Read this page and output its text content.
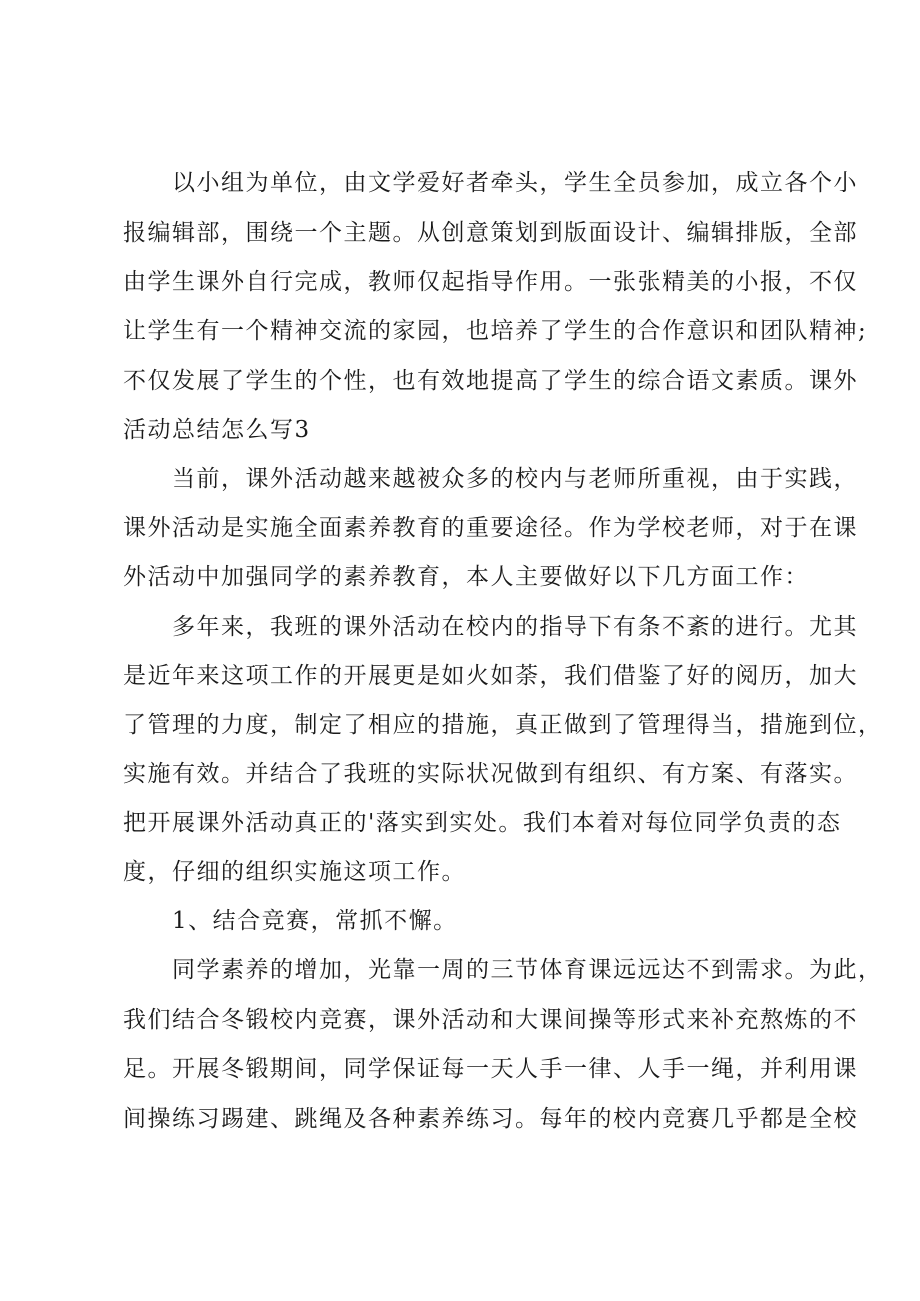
以小组为单位，由文学爱好者牵头，学生全员参加，成立各个小
报编辑部，围绕一个主题。从创意策划到版面设计、编辑排版，全部
由学生课外自行完成，教师仅起指导作用。一张张精美的小报，不仅
让学生有一个精神交流的家园，也培养了学生的合作意识和团队精神;
不仅发展了学生的个性，也有效地提高了学生的综合语文素质。课外
活动总结怎么写3
当前，课外活动越来越被众多的校内与老师所重视，由于实践，
课外活动是实施全面素养教育的重要途径。作为学校老师，对于在课
外活动中加强同学的素养教育，本人主要做好以下几方面工作：
多年来，我班的课外活动在校内的指导下有条不紊的进行。尤其
是近年来这项工作的开展更是如火如荼，我们借鉴了好的阅历，加大
了管理的力度，制定了相应的措施，真正做到了管理得当，措施到位，
实施有效。并结合了我班的实际状况做到有组织、有方案、有落实。
把开展课外活动真正的'落实到实处。我们本着对每位同学负责的态
度，仔细的组织实施这项工作。
1、结合竞赛，常抓不懈。
同学素养的增加，光靠一周的三节体育课远远达不到需求。为此，
我们结合冬锻校内竞赛，课外活动和大课间操等形式来补充熬炼的不
足。开展冬锻期间，同学保证每一天人手一律、人手一绳，并利用课
间操练习踢建、跳绳及各种素养练习。每年的校内竞赛几乎都是全校
